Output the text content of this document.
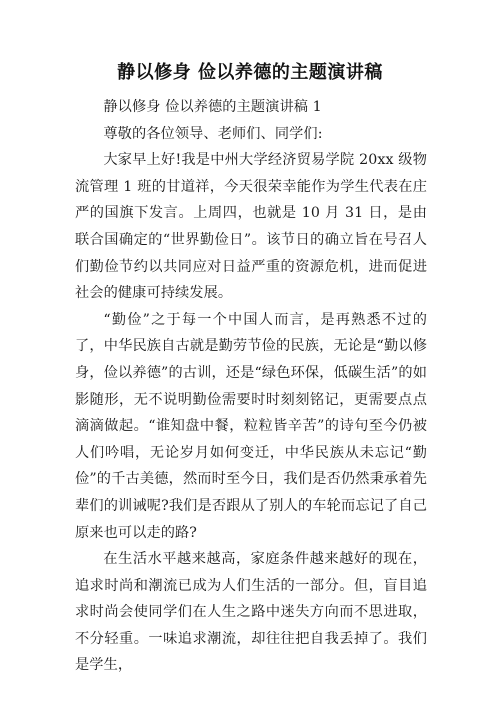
静以修身 俭以养德的主题演讲稿

静以修身 俭以养德的主题演讲稿 1

尊敬的各位领导、老师们、同学们:

大家早上好!我是中州大学经济贸易学院 20xx 级物流管理 1 班的甘道祥，今天很荣幸能作为学生代表在庄严的国旗下发言。上周四，也就是 10 月 31 日，是由联合国确定的“世界勤俭日”。该节日的确立旨在号召人们勤俭节约以共同应对日益严重的资源危机，进而促进社会的健康可持续发展。

“勤俭”之于每一个中国人而言，是再熟悉不过的了，中华民族自古就是勤劳节俭的民族，无论是“勤以修身，俭以养德”的古训，还是“绿色环保，低碳生活”的如影随形，无不说明勤俭需要时时刻刻铭记，更需要点点滴滴做起。“谁知盘中餐，粒粒皆辛苦”的诗句至今仍被人们吟唱，无论岁月如何变迁，中华民族从未忘记“勤俭”的千古美德，然而时至今日，我们是否仍然秉承着先辈们的训诫呢?我们是否跟从了别人的车轮而忘记了自己原来也可以走的路?

在生活水平越来越高，家庭条件越来越好的现在，追求时尚和潮流已成为人们生活的一部分。但，盲目追求时尚会使同学们在人生之路中迷失方向而不思进取，不分轻重。一味追求潮流，却往往把自我丢掉了。我们是学生，
